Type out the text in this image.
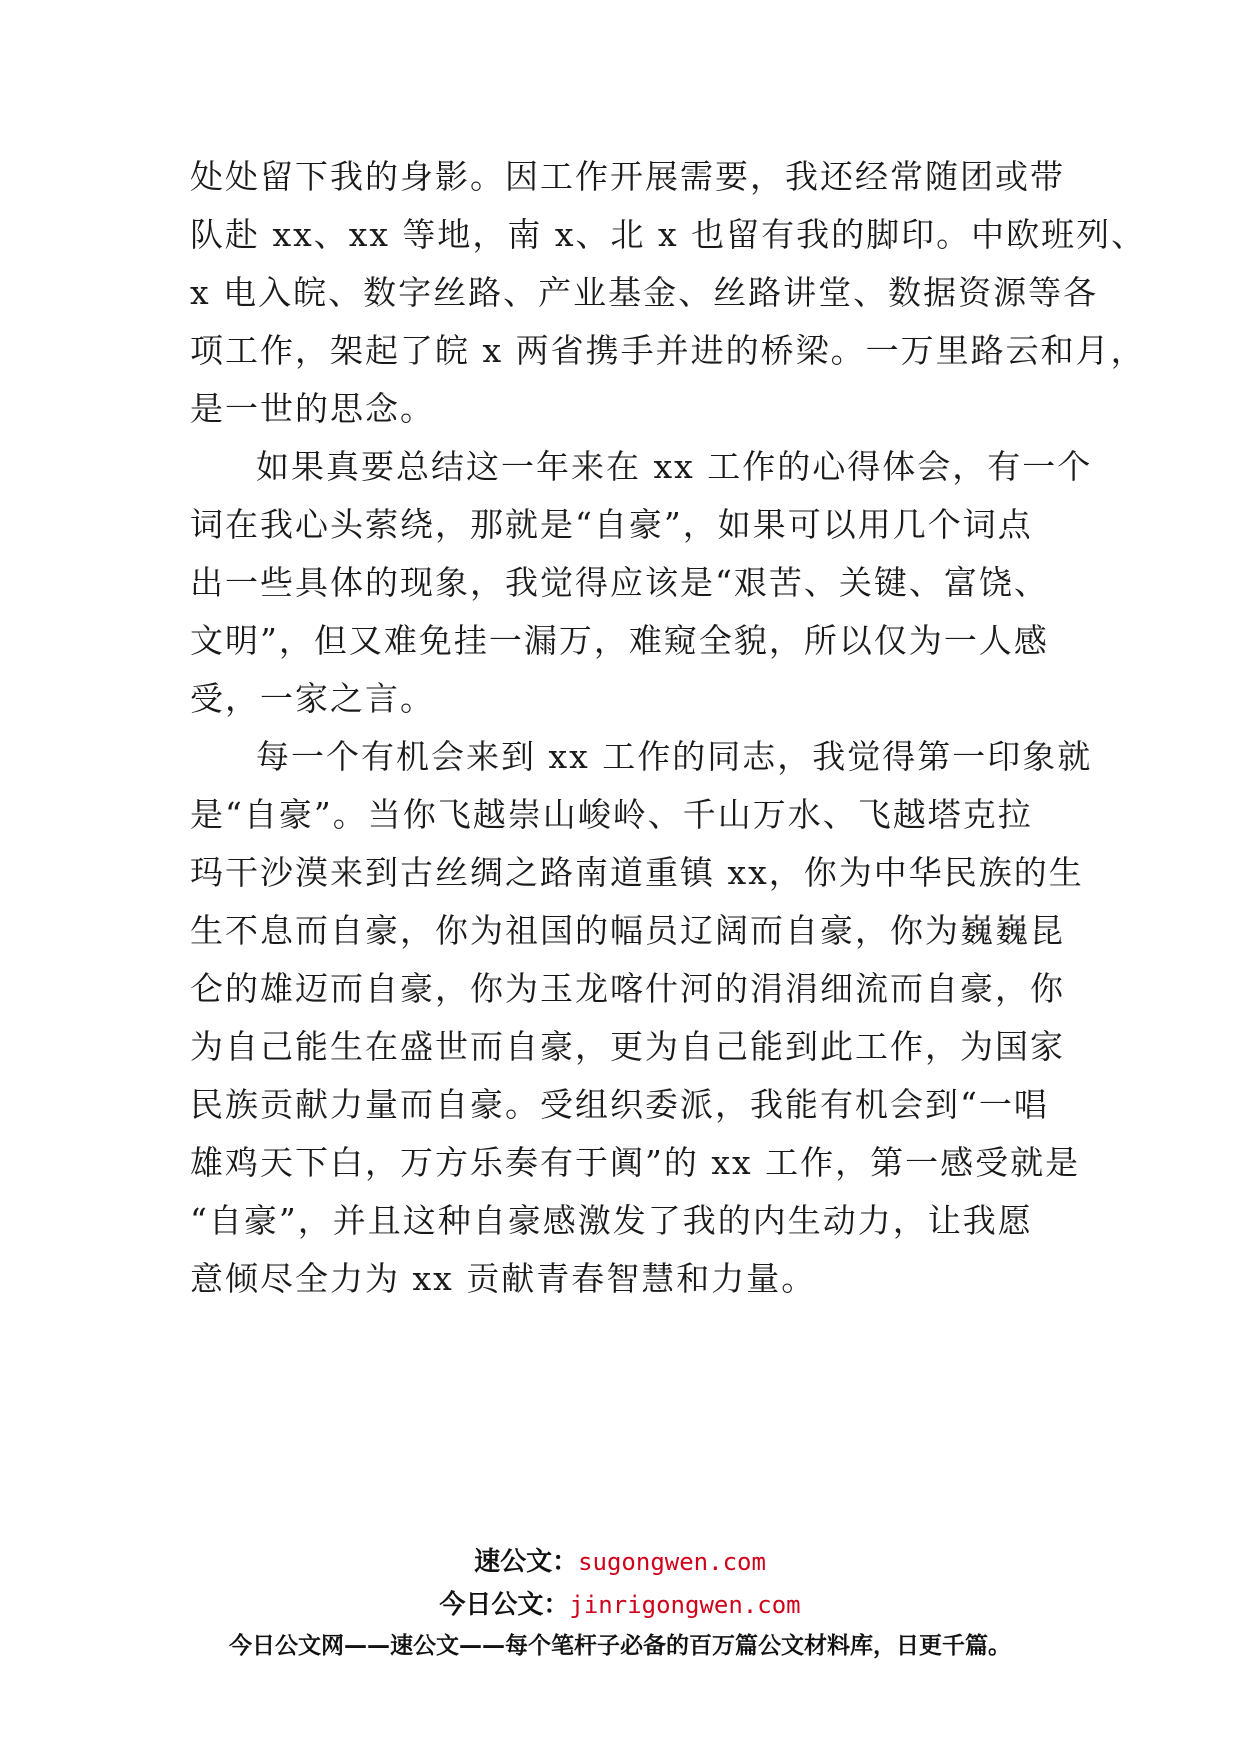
处处留下我的身影。因工作开展需要，我还经常随团或带
队赴 xx、xx 等地，南 x、北 x 也留有我的脚印。中欧班列、
x 电入皖、数字丝路、产业基金、丝路讲堂、数据资源等各
项工作，架起了皖 x 两省携手并进的桥梁。一万里路云和月，
是一世的思念。
如果真要总结这一年来在 xx 工作的心得体会，有一个
词在我心头萦绕，那就是“自豪”，如果可以用几个词点
出一些具体的现象，我觉得应该是“艰苦、关键、富饶、
文明”，但又难免挂一漏万，难窥全貌，所以仅为一人感
受，一家之言。
每一个有机会来到 xx 工作的同志，我觉得第一印象就
是“自豪”。当你飞越崇山峻岭、千山万水、飞越塔克拉
玛干沙漠来到古丝绸之路南道重镇 xx，你为中华民族的生
生不息而自豪，你为祖国的幅员辽阔而自豪，你为巍巍昆
仑的雄迈而自豪，你为玉龙喀什河的涓涓细流而自豪，你
为自己能生在盛世而自豪，更为自己能到此工作，为国家
民族贡献力量而自豪。受组织委派，我能有机会到“一唱
雄鸡天下白，万方乐奏有于阗”的 xx 工作，第一感受就是
“自豪”，并且这种自豪感激发了我的内生动力，让我愿
意倾尽全力为 xx 贡献青春智慧和力量。
速公文：sugongwen.com
今日公文：jinrigongwen.com
今日公文网——速公文——每个笔杆子必备的百万篇公文材料库，日更千篇。
